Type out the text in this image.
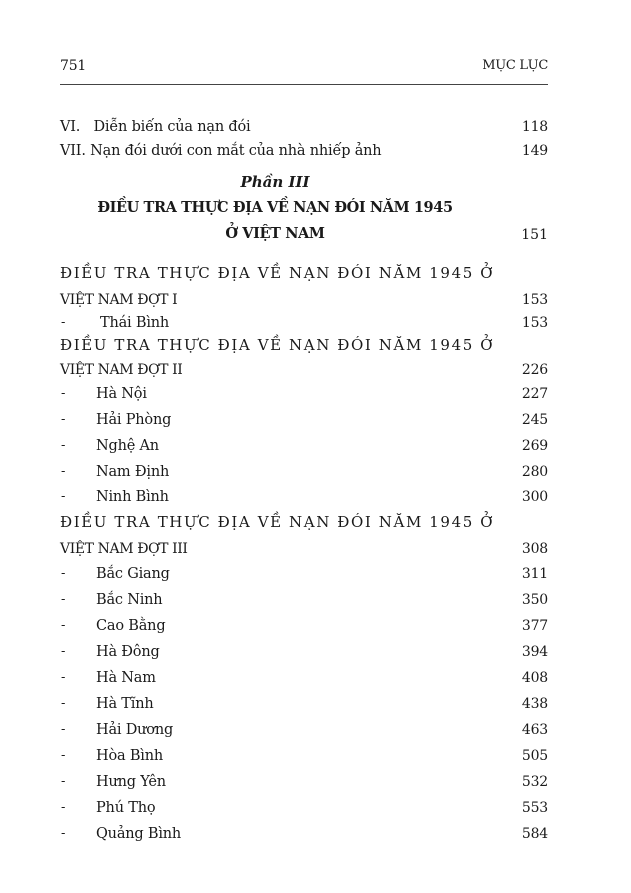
751	MỤC LỤC
VI. Diễn biến của nạn đói	118
VII. Nạn đói dưới con mắt của nhà nhiếp ảnh	149
Phần III
ĐIỀU TRA THỰC ĐỊA VỀ NẠN ĐÓI NĂM 1945
Ở VIỆT NAM	151
ĐIỀU TRA THỰC ĐỊA VỀ NẠN ĐÓI NĂM 1945 Ở
VIỆT NAM ĐỢT I	153
- Thái Bình	153
ĐIỀU TRA THỰC ĐỊA VỀ NẠN ĐÓI NĂM 1945 Ở
VIỆT NAM ĐỢT II	226
- Hà Nội	227
- Hải Phòng	245
- Nghệ An	269
- Nam Định	280
- Ninh Bình	300
ĐIỀU TRA THỰC ĐỊA VỀ NẠN ĐÓI NĂM 1945 Ở
VIỆT NAM ĐỢT III	308
- Bắc Giang	311
- Bắc Ninh	350
- Cao Bằng	377
- Hà Đông	394
- Hà Nam	408
- Hà Tĩnh	438
- Hải Dương	463
- Hòa Bình	505
- Hưng Yên	532
- Phú Thọ	553
- Quảng Bình	584
